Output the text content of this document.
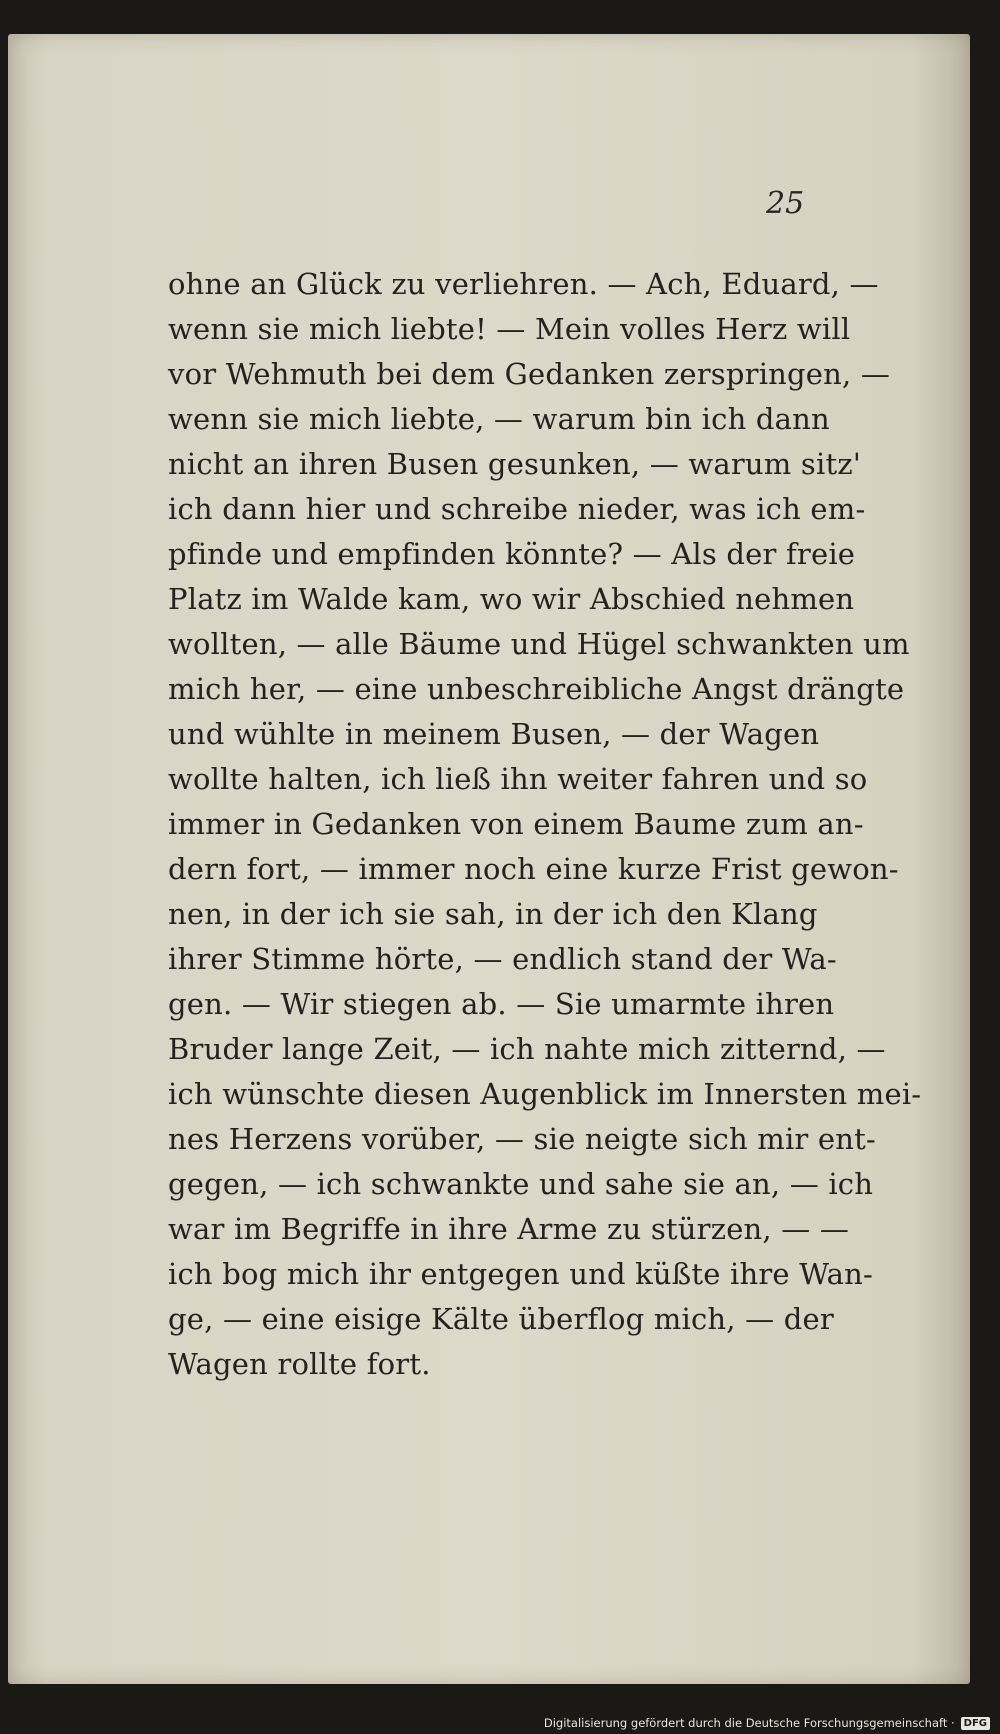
25
ohne an Glück zu verliehren. — Ach, Eduard, —
wenn sie mich liebte! — Mein volles Herz will
vor Wehmuth bei dem Gedanken zerspringen, —
wenn sie mich liebte, — warum bin ich dann
nicht an ihren Busen gesunken, — warum sitz'
ich dann hier und schreibe nieder, was ich em-
pfinde und empfinden könnte? — Als der freie
Platz im Walde kam, wo wir Abschied nehmen
wollten, — alle Bäume und Hügel schwankten um
mich her, — eine unbeschreibliche Angst drängte
und wühlte in meinem Busen, — der Wagen
wollte halten, ich ließ ihn weiter fahren und so
immer in Gedanken von einem Baume zum an-
dern fort, — immer noch eine kurze Frist gewon-
nen, in der ich sie sah, in der ich den Klang
ihrer Stimme hörte, — endlich stand der Wa-
gen. — Wir stiegen ab. — Sie umarmte ihren
Bruder lange Zeit, — ich nahte mich zitternd, —
ich wünschte diesen Augenblick im Innersten mei-
nes Herzens vorüber, — sie neigte sich mir ent-
gegen, — ich schwankte und sahe sie an, — ich
war im Begriffe in ihre Arme zu stürzen, — —
ich bog mich ihr entgegen und küßte ihre Wan-
ge, — eine eisige Kälte überflog mich, — der
Wagen rollte fort.
Digitalisierung gefördert durch die Deutsche Forschungsgemeinschaft · DFG
